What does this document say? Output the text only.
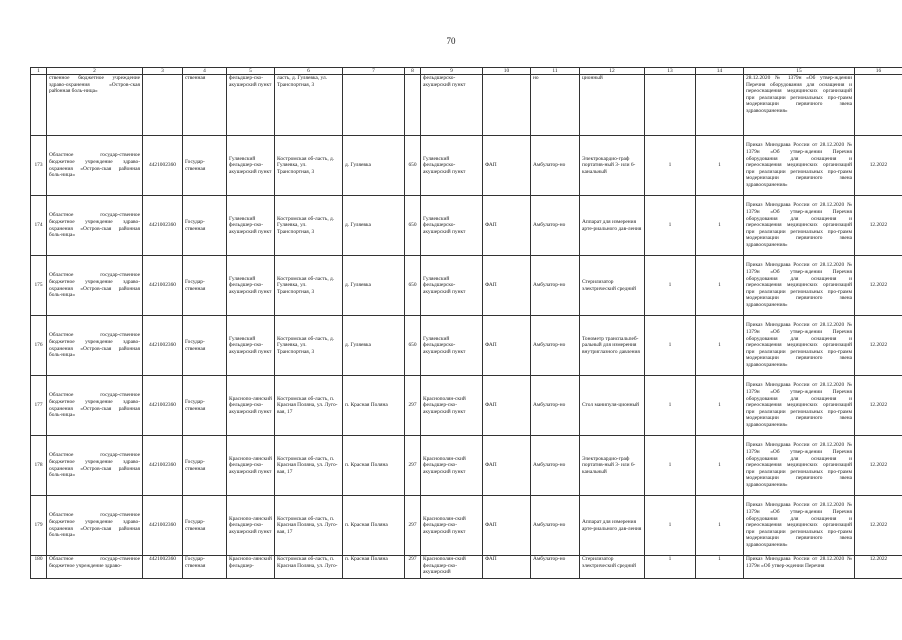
70
1	2	3	4	5	6	7	8	9	10	11	12	13	14	15	16
	ственное бюджетное учреждение здраво-охранения «Остров-ская районная боль-ница»		ственная	фельдшер-ско-акушерский пункт	ласть, д. Гуляевка, ул. Транспортная, 3			фельдшерско-акушерский пункт		но	ционный			28.12.2020 № 1379н «Об утвер-ждении Перечня оборудования для оснащения и переоснащения медицинских организаций при реализации региональных про-грамм модернизации первичного звена здравоохранения»	
173	Областное государ-ственное бюджетное учреждение здраво-охранения «Остров-ская районная боль-ница»	4421002360	Государ-ственная	Гуляевский фельдшер-ско-акушерский пункт	Костромская об-ласть, д. Гуляевка, ул. Транспортная, 3	д. Гуляевка	650	Гуляевский фельдшерско-акушерский пункт	ФАП	Амбулатор-но	Электрокардио-граф портатив-ный 3- или 6-канальный	1	1	Приказ Минздрава России от 28.12.2020 № 1379н «Об утвер-ждении Перечня оборудования для оснащения и переоснащения медицинских организаций при реализации региональных про-грамм модернизации первичного звена здравоохранения»	12.2022
174	Областное государ-ственное бюджетное учреждение здраво-охранения «Остров-ская районная боль-ница»	4421002360	Государ-ственная	Гуляевский фельдшер-ско-акушерский пункт	Костромская об-ласть, д. Гуляевка, ул. Транспортная, 3	д. Гуляевка	650	Гуляевский фельдшерско-акушерский пункт	ФАП	Амбулатор-но	Аппарат для измерения арте-риального дав-ления	1	1	Приказ Минздрава России от 28.12.2020 № 1379н «Об утвер-ждении Перечня оборудования для оснащения и переоснащения медицинских организаций при реализации региональных про-грамм модернизации первичного звена здравоохранения»	12.2022
175	Областное государ-ственное бюджетное учреждение здраво-охранения «Остров-ская районная боль-ница»	4421002360	Государ-ственная	Гуляевский фельдшер-ско-акушерский пункт	Костромская об-ласть, д. Гуляевка, ул. Транспортная, 3	д. Гуляевка	650	Гуляевский фельдшерско-акушерский пункт	ФАП	Амбулатор-но	Стерилизатор электрический средний	1	1	Приказ Минздрава России от 28.12.2020 № 1379н «Об утвер-ждении Перечня оборудования для оснащения и переоснащения медицинских организаций при реализации региональных про-грамм модернизации первичного звена здравоохранения»	12.2022
176	Областное государ-ственное бюджетное учреждение здраво-охранения «Остров-ская районная боль-ница»	4421002360	Государ-ственная	Гуляевский фельдшер-ско-акушерский пункт	Костромская об-ласть, д. Гуляевка, ул. Транспортная, 3	д. Гуляевка	650	Гуляевский фельдшерско-акушерский пункт	ФАП	Амбулатор-но	Тонометр транспальпеб-ральный для измерения внутриглазного давления	1	1	Приказ Минздрава России от 28.12.2020 № 1379н «Об утвер-ждении Перечня оборудования для оснащения и переоснащения медицинских организаций при реализации региональных про-грамм модернизации первичного звена здравоохранения»	12.2022
177	Областное государ-ственное бюджетное учреждение здраво-охранения «Остров-ская районная боль-ница»	4421002360	Государ-ственная	Краснопо-лянский фельдшер-ско-акушерский пункт	Костромская об-ласть, п. Красная Поляна, ул. Луго-вая, 17	п. Красная Поляна	297	Краснополян-ский фельдшер-ско-акушерский пункт	ФАП	Амбулатор-но	Стол манипуля-ционный	1	1	Приказ Минздрава России от 28.12.2020 № 1379н «Об утвер-ждении Перечня оборудования для оснащения и переоснащения медицинских организаций при реализации региональных про-грамм модернизации первичного звена здравоохранения»	12.2022
178	Областное государ-ственное бюджетное учреждение здраво-охранения «Остров-ская районная боль-ница»	4421002360	Государ-ственная	Краснопо-лянский фельдшер-ско-акушерский пункт	Костромская об-ласть, п. Красная Поляна, ул. Луго-вая, 17	п. Красная Поляна	297	Краснополян-ский фельдшер-ско-акушерский пункт	ФАП	Амбулатор-но	Электрокардио-граф портатив-ный 3- или 6-канальный	1	1	Приказ Минздрава России от 28.12.2020 № 1379н «Об утвер-ждении Перечня оборудования для оснащения и переоснащения медицинских организаций при реализации региональных про-грамм модернизации первичного звена здравоохранения»	12.2022
179	Областное государ-ственное бюджетное учреждение здраво-охранения «Остров-ская районная боль-ница»	4421002360	Государ-ственная	Краснопо-лянский фельдшер-ско-акушерский пункт	Костромская об-ласть, п. Красная Поляна, ул. Луго-вая, 17	п. Красная Поляна	297	Краснополян-ский фельдшер-ско-акушерский пункт	ФАП	Амбулатор-но	Аппарат для измерения арте-риального дав-ления	1	1	Приказ Минздрава России от 28.12.2020 № 1379н «Об утвер-ждении Перечня оборудования для оснащения и переоснащения медицинских организаций при реализации региональных про-грамм модернизации первичного звена здравоохранения»	12.2022
180	Областное государ-ственное бюджетное учреждение здраво-	4421002360	Государ-ственная	Краснопо-лянский фельдшер-	Костромская об-ласть, п. Красная Поляна, ул. Луго-	п. Красная Поляна	297	Краснополян-ский фельдшер-ско-акушерский	ФАП	Амбулатор-но	Стерилизатор электрический средний	1	1	Приказ Минздрава России от 28.12.2020 № 1379н «Об утвер-ждении Перечня	12.2022
